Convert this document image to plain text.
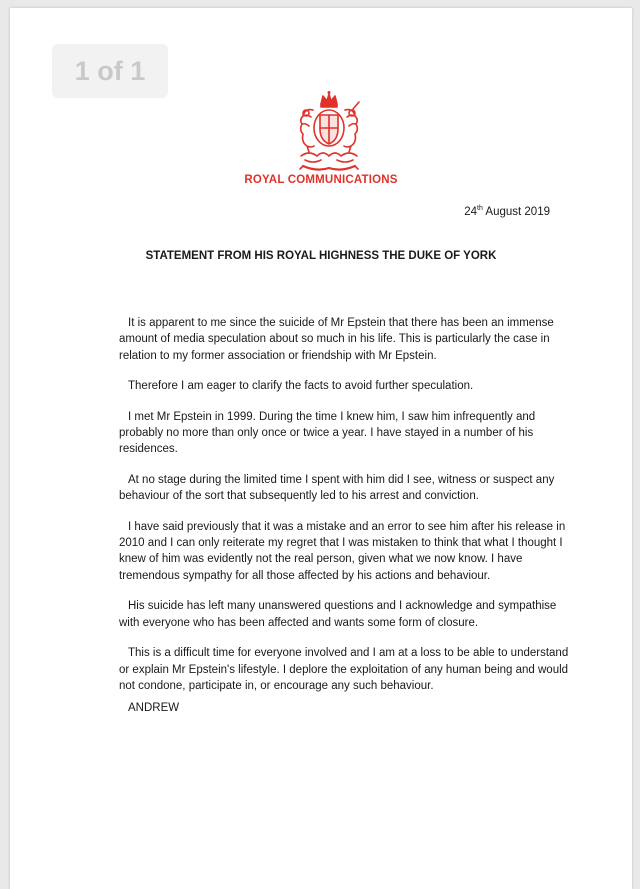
1 of 1
ROYAL COMMUNICATIONS
24th August 2019
STATEMENT FROM HIS ROYAL HIGHNESS THE DUKE OF YORK

It is apparent to me since the suicide of Mr Epstein that there has been an immense amount of media speculation about so much in his life. This is particularly the case in relation to my former association or friendship with Mr Epstein.

Therefore I am eager to clarify the facts to avoid further speculation.

I met Mr Epstein in 1999. During the time I knew him, I saw him infrequently and probably no more than only once or twice a year. I have stayed in a number of his residences.

At no stage during the limited time I spent with him did I see, witness or suspect any behaviour of the sort that subsequently led to his arrest and conviction.

I have said previously that it was a mistake and an error to see him after his release in 2010 and I can only reiterate my regret that I was mistaken to think that what I thought I knew of him was evidently not the real person, given what we now know. I have tremendous sympathy for all those affected by his actions and behaviour.

His suicide has left many unanswered questions and I acknowledge and sympathise with everyone who has been affected and wants some form of closure.

This is a difficult time for everyone involved and I am at a loss to be able to understand or explain Mr Epstein's lifestyle. I deplore the exploitation of any human being and would not condone, participate in, or encourage any such behaviour.

ANDREW
